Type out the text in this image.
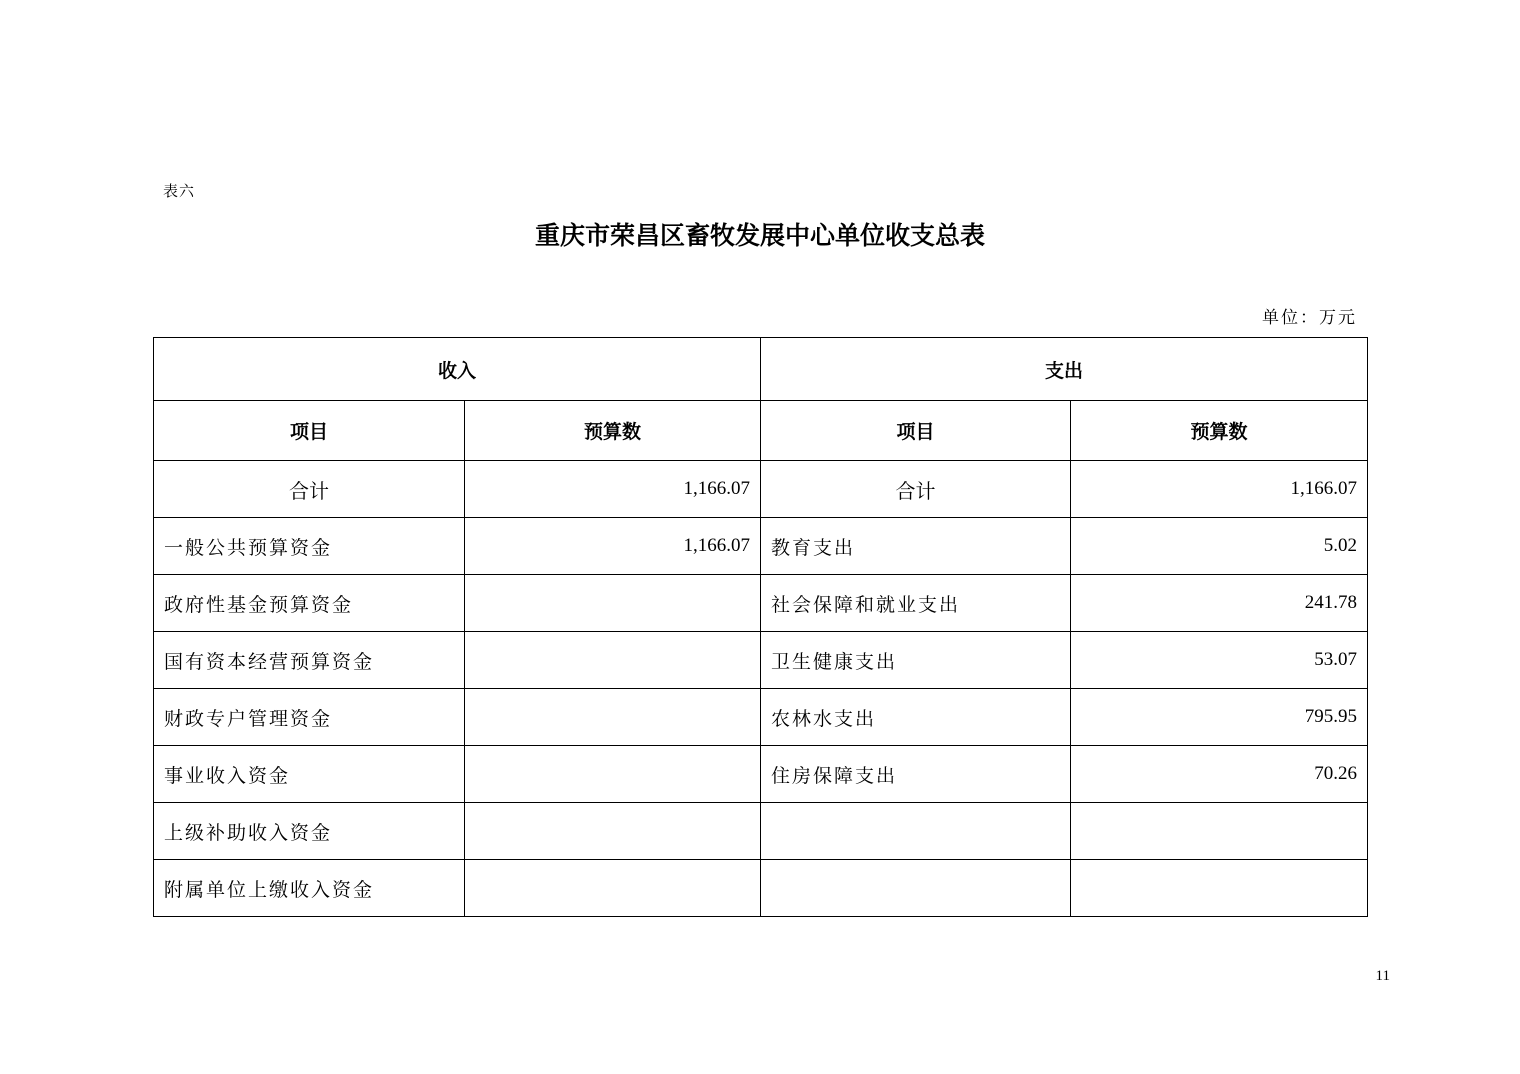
表六
重庆市荣昌区畜牧发展中心单位收支总表
单位：万元
收入		支出	
项目	预算数	项目	预算数
合计	1,166.07	合计	1,166.07
一般公共预算资金	1,166.07	教育支出	5.02
政府性基金预算资金		社会保障和就业支出	241.78
国有资本经营预算资金		卫生健康支出	53.07
财政专户管理资金		农林水支出	795.95
事业收入资金		住房保障支出	70.26
上级补助收入资金			
附属单位上缴收入资金			
11
